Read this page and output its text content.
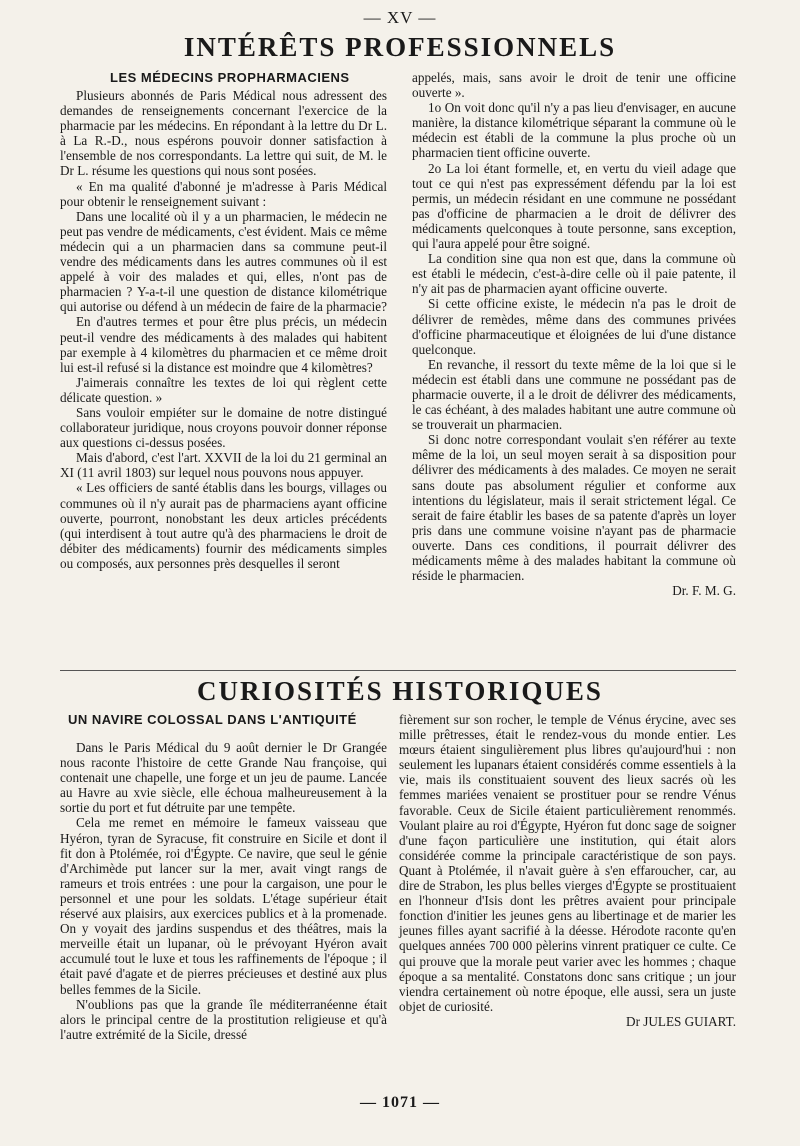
— XV —
INTÉRÊTS PROFESSIONNELS
LES MÉDECINS PROPHARMACIENS

Plusieurs abonnés de Paris Médical nous adressent des demandes de renseignements concernant l'exercice de la pharmacie par les médecins. En répondant à la lettre du Dr L. à La R.-D., nous espérons pouvoir donner satisfaction à l'ensemble de nos correspondants. La lettre qui suit, de M. le Dr L. résume les questions qui nous sont posées.

« En ma qualité d'abonné je m'adresse à Paris Médical pour obtenir le renseignement suivant :

Dans une localité où il y a un pharmacien, le médecin ne peut pas vendre de médicaments, c'est évident. Mais ce même médecin qui a un pharmacien dans sa commune peut-il vendre des médicaments dans les autres communes où il est appelé à voir des malades et qui, elles, n'ont pas de pharmacien ? Y-a-t-il une question de distance kilométrique qui autorise ou défend à un médecin de faire de la pharmacie?

En d'autres termes et pour être plus précis, un médecin peut-il vendre des médicaments à des malades qui habitent par exemple à 4 kilomètres du pharmacien et ce même droit lui est-il refusé si la distance est moindre que 4 kilomètres?

J'aimerais connaître les textes de loi qui règlent cette délicate question. »

Sans vouloir empiéter sur le domaine de notre distingué collaborateur juridique, nous croyons pouvoir donner réponse aux questions ci-dessus posées.

Mais d'abord, c'est l'art. XXVII de la loi du 21 germinal an XI (11 avril 1803) sur lequel nous pouvons nous appuyer.

« Les officiers de santé établis dans les bourgs, villages ou communes où il n'y aurait pas de pharmaciens ayant officine ouverte, pourront, nonobstant les deux articles précédents (qui interdisent à tout autre qu'à des pharmaciens le droit de débiter des médicaments) fournir des médicaments simples ou composés, aux personnes près desquelles il seront

appelés, mais, sans avoir le droit de tenir une officine ouverte ».

1o On voit donc qu'il n'y a pas lieu d'envisager, en aucune manière, la distance kilométrique séparant la commune où le médecin est établi de la commune la plus proche où un pharmacien tient officine ouverte.

2o La loi étant formelle, et, en vertu du vieil adage que tout ce qui n'est pas expressément défendu par la loi est permis, un médecin résidant en une commune ne possédant pas d'officine de pharmacien a le droit de délivrer des médicaments quelconques à toute personne, sans exception, qui l'aura appelé pour être soigné.

La condition sine qua non est que, dans la commune où est établi le médecin, c'est-à-dire celle où il paie patente, il n'y ait pas de pharmacien ayant officine ouverte.

Si cette officine existe, le médecin n'a pas le droit de délivrer de remèdes, même dans des communes privées d'officine pharmaceutique et éloignées de lui d'une distance quelconque.

En revanche, il ressort du texte même de la loi que si le médecin est établi dans une commune ne possédant pas de pharmacie ouverte, il a le droit de délivrer des médicaments, le cas échéant, à des malades habitant une autre commune où se trouverait un pharmacien.

Si donc notre correspondant voulait s'en référer au texte même de la loi, un seul moyen serait à sa disposition pour délivrer des médicaments à des malades. Ce moyen ne serait sans doute pas absolument régulier et conforme aux intentions du législateur, mais il serait strictement légal. Ce serait de faire établir les bases de sa patente d'après un loyer pris dans une commune voisine n'ayant pas de pharmacie ouverte. Dans ces conditions, il pourrait délivrer des médicaments même à des malades habitant la commune où réside le pharmacien.

Dr. F. M. G.

CURIOSITÉS HISTORIQUES
UN NAVIRE COLOSSAL DANS L'ANTIQUITÉ

Dans le Paris Médical du 9 août dernier le Dr Grangée nous raconte l'histoire de cette Grande Nau françoise, qui contenait une chapelle, une forge et un jeu de paume. Lancée au Havre au xvie siècle, elle échoua malheureusement à la sortie du port et fut détruite par une tempête.

Cela me remet en mémoire le fameux vaisseau que Hyéron, tyran de Syracuse, fit construire en Sicile et dont il fit don à Ptolémée, roi d'Égypte. Ce navire, que seul le génie d'Archimède put lancer sur la mer, avait vingt rangs de rameurs et trois entrées : une pour la cargaison, une pour le personnel et une pour les soldats. L'étage supérieur était réservé aux plaisirs, aux exercices publics et à la promenade. On y voyait des jardins suspendus et des théâtres, mais la merveille était un lupanar, où le prévoyant Hyéron avait accumulé tout le luxe et tous les raffinements de l'époque ; il était pavé d'agate et de pierres précieuses et destiné aux plus belles femmes de la Sicile.

N'oublions pas que la grande île méditerranéenne était alors le principal centre de la prostitution religieuse et qu'à l'autre extrémité de la Sicile, dressé

fièrement sur son rocher, le temple de Vénus érycine, avec ses mille prêtresses, était le rendez-vous du monde entier. Les mœurs étaient singulièrement plus libres qu'aujourd'hui : non seulement les lupanars étaient considérés comme essentiels à la vie, mais ils constituaient souvent des lieux sacrés où les femmes mariées venaient se prostituer pour se rendre Vénus favorable. Ceux de Sicile étaient particulièrement renommés. Voulant plaire au roi d'Égypte, Hyéron fut donc sage de soigner d'une façon particulière une institution, qui était alors considérée comme la principale caractéristique de son pays. Quant à Ptolémée, il n'avait guère à s'en effaroucher, car, au dire de Strabon, les plus belles vierges d'Égypte se prostituaient en l'honneur d'Isis dont les prêtres avaient pour principale fonction d'initier les jeunes gens au libertinage et de marier les jeunes filles ayant sacrifié à la déesse. Hérodote raconte qu'en quelques années 700 000 pèlerins vinrent pratiquer ce culte. Ce qui prouve que la morale peut varier avec les hommes ; chaque époque a sa mentalité. Constatons donc sans critique ; un jour viendra certainement où notre époque, elle aussi, sera un juste objet de curiosité.

Dr JULES GUIART.

— 1071 —
